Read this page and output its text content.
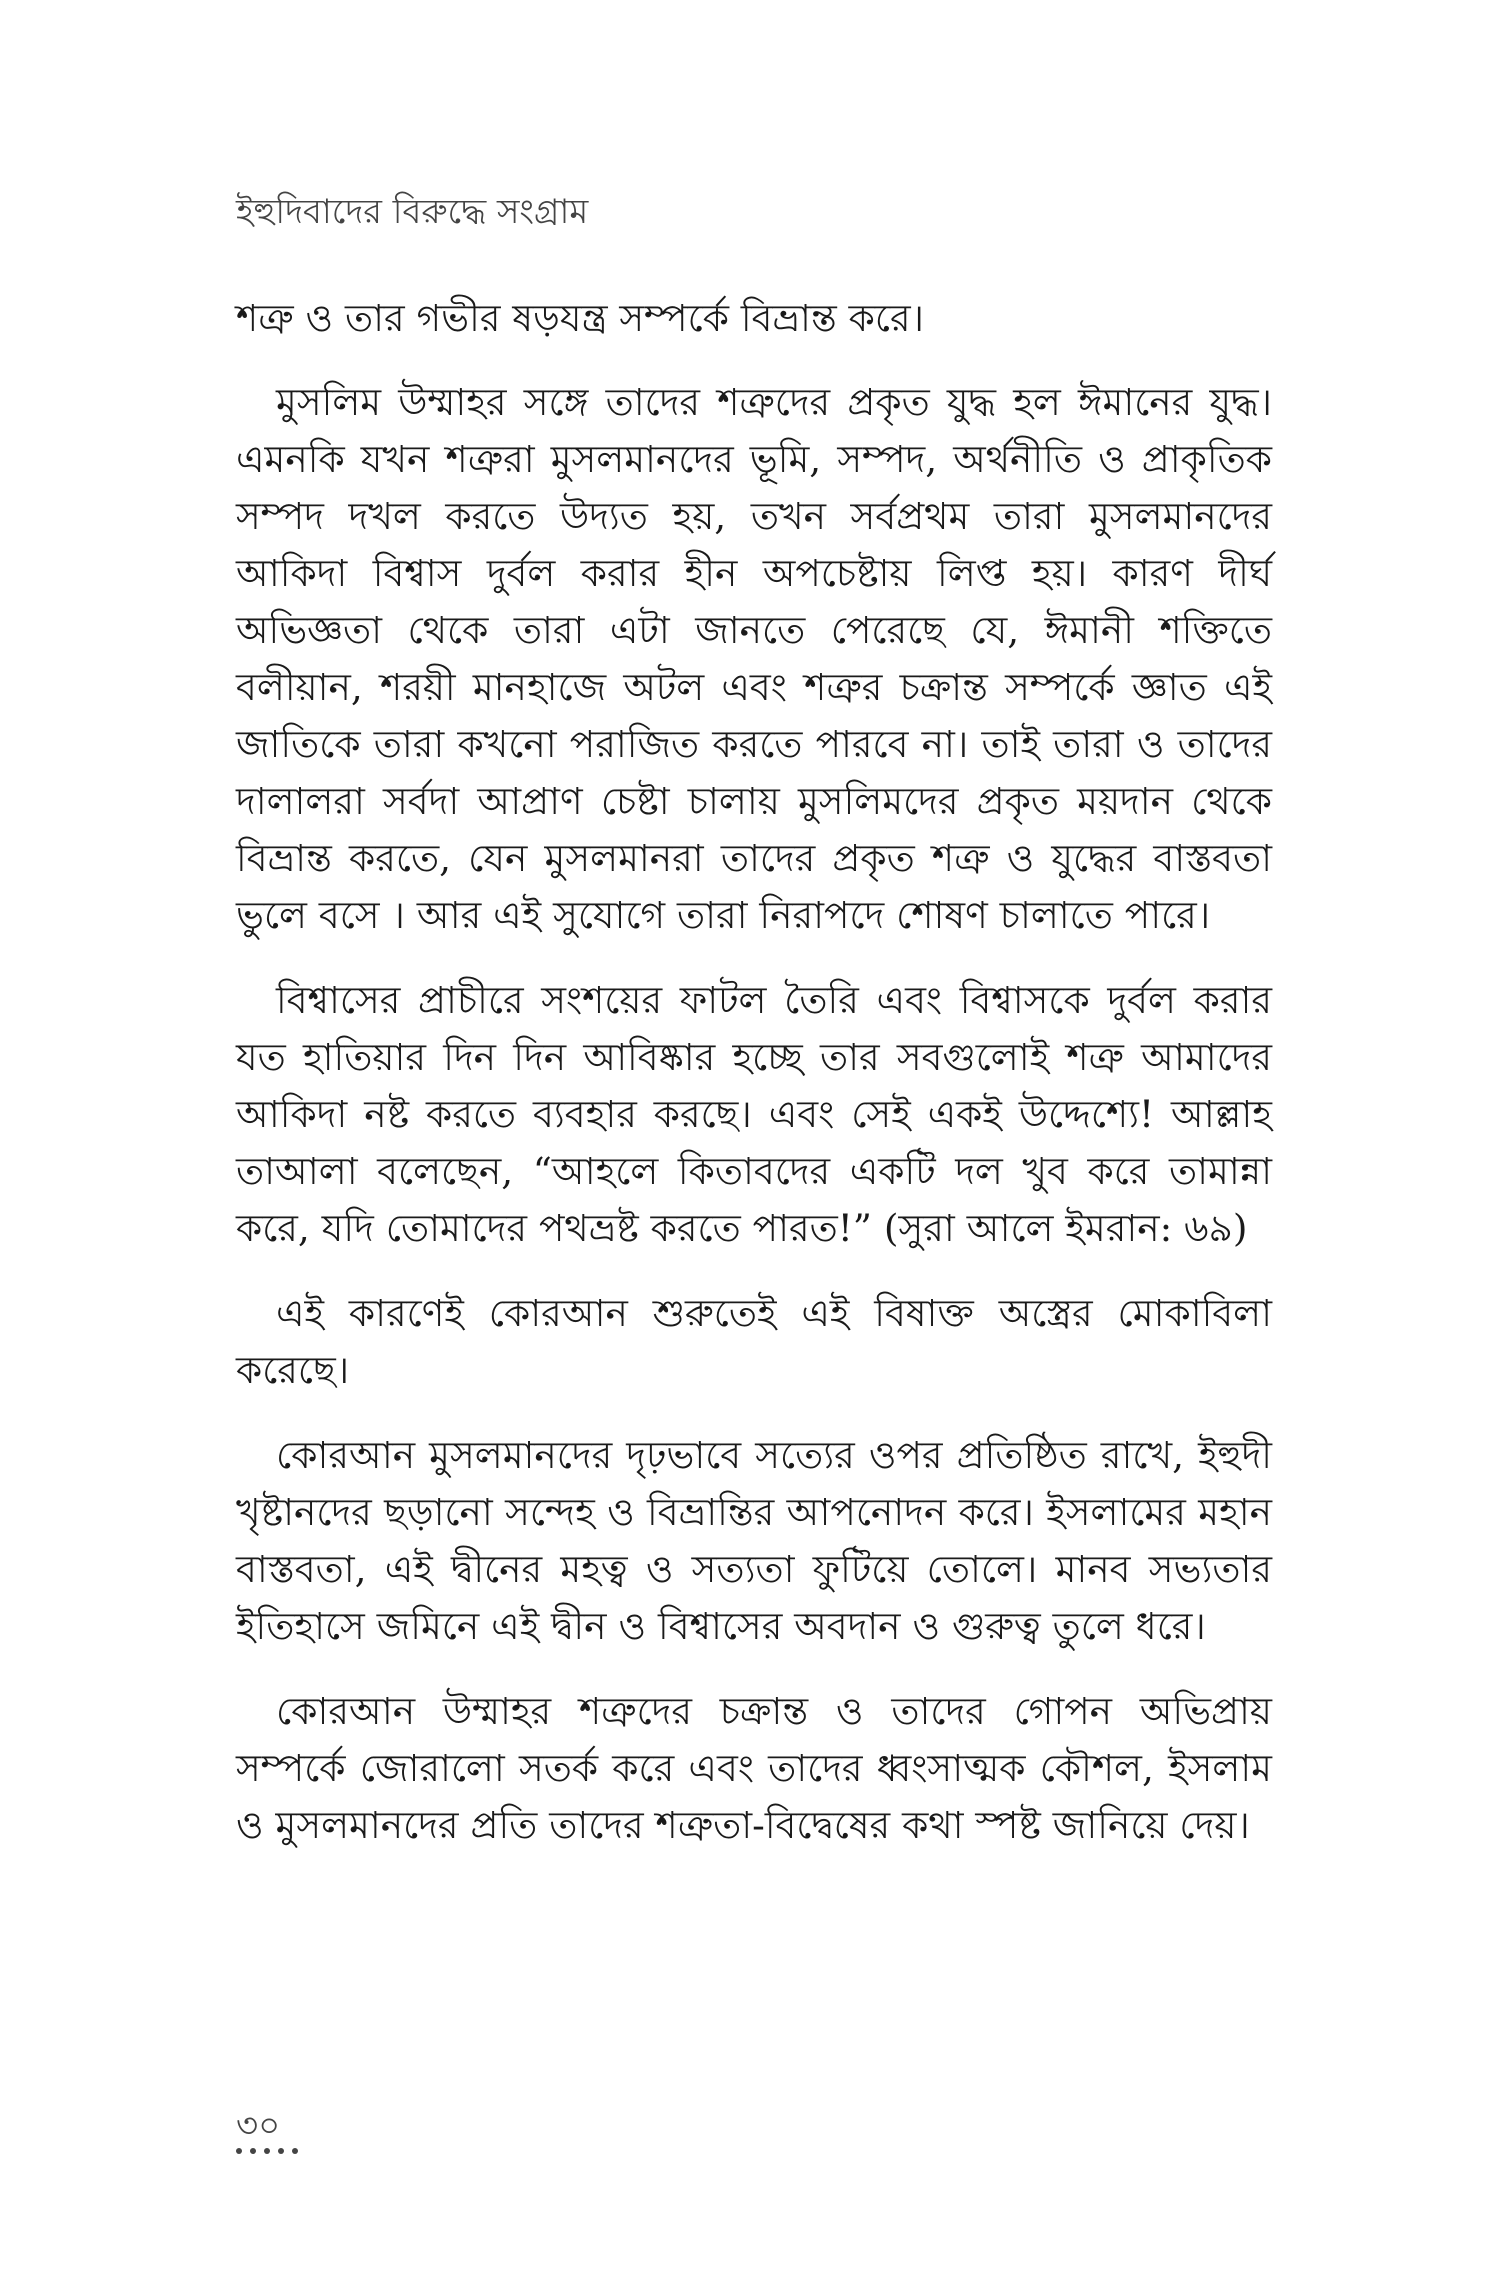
ইহুদিবাদের বিরুদ্ধে সংগ্রাম

শত্রু ও তার গভীর ষড়যন্ত্র সম্পর্কে বিভ্রান্ত করে।

মুসলিম উম্মাহর সঙ্গে তাদের শত্রুদের প্রকৃত যুদ্ধ হল ঈমানের যুদ্ধ। এমনকি যখন শত্রুরা মুসলমানদের ভূমি, সম্পদ, অর্থনীতি ও প্রাকৃতিক সম্পদ দখল করতে উদ্যত হয়, তখন সর্বপ্রথম তারা মুসলমানদের আকিদা বিশ্বাস দুর্বল করার হীন অপচেষ্টায় লিপ্ত হয়। কারণ দীর্ঘ অভিজ্ঞতা থেকে তারা এটা জানতে পেরেছে যে, ঈমানী শক্তিতে বলীয়ান, শরয়ী মানহাজে অটল এবং শত্রুর চক্রান্ত সম্পর্কে জ্ঞাত এই জাতিকে তারা কখনো পরাজিত করতে পারবে না। তাই তারা ও তাদের দালালরা সর্বদা আপ্রাণ চেষ্টা চালায় মুসলিমদের প্রকৃত ময়দান থেকে বিভ্রান্ত করতে, যেন মুসলমানরা তাদের প্রকৃত শত্রু ও যুদ্ধের বাস্তবতা ভুলে বসে । আর এই সুযোগে তারা নিরাপদে শোষণ চালাতে পারে।

বিশ্বাসের প্রাচীরে সংশয়ের ফাটল তৈরি এবং বিশ্বাসকে দুর্বল করার যত হাতিয়ার দিন দিন আবিষ্কার হচ্ছে তার সবগুলোই শত্রু আমাদের আকিদা নষ্ট করতে ব্যবহার করছে। এবং সেই একই উদ্দেশ্যে! আল্লাহ তাআলা বলেছেন, “আহলে কিতাবদের একটি দল খুব করে তামান্না করে, যদি তোমাদের পথভ্রষ্ট করতে পারত!” (সুরা আলে ইমরান: ৬৯)

এই কারণেই কোরআন শুরুতেই এই বিষাক্ত অস্ত্রের মোকাবিলা করেছে।

কোরআন মুসলমানদের দৃঢ়ভাবে সত্যের ওপর প্রতিষ্ঠিত রাখে, ইহুদী খৃষ্টানদের ছড়ানো সন্দেহ ও বিভ্রান্তির আপনোদন করে। ইসলামের মহান বাস্তবতা, এই দ্বীনের মহত্ব ও সত্যতা ফুটিয়ে তোলে। মানব সভ্যতার ইতিহাসে জমিনে এই দ্বীন ও বিশ্বাসের অবদান ও গুরুত্ব তুলে ধরে।

কোরআন উম্মাহর শত্রুদের চক্রান্ত ও তাদের গোপন অভিপ্রায় সম্পর্কে জোরালো সতর্ক করে এবং তাদের ধ্বংসাত্মক কৌশল, ইসলাম ও মুসলমানদের প্রতি তাদের শত্রুতা-বিদ্বেষের কথা স্পষ্ট জানিয়ে দেয়।

৩০
